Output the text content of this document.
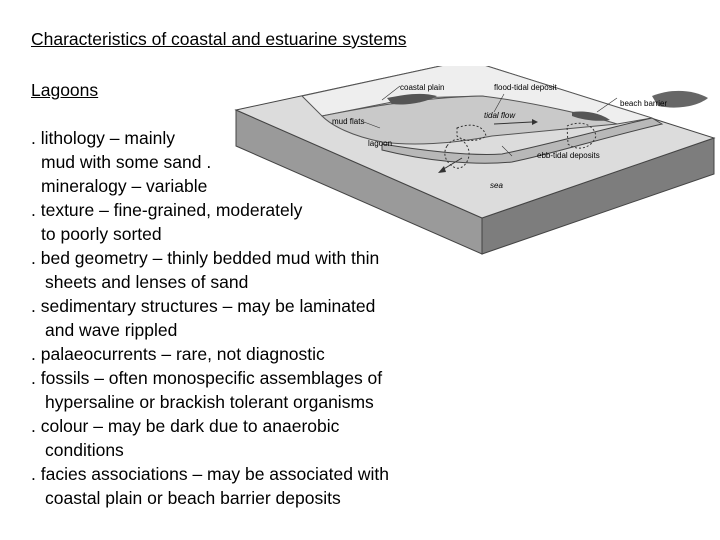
Characteristics of coastal and estuarine systems
Lagoons
. lithology – mainly
mud with some sand .
mineralogy – variable
. texture – fine-grained, moderately
to poorly sorted
. bed geometry – thinly bedded mud with thin
sheets and lenses of sand
. sedimentary structures – may be laminated
and wave rippled
. palaeocurrents – rare, not diagnostic
. fossils – often monospecific assemblages of
hypersaline or brackish tolerant organisms
. colour – may be dark due to anaerobic
conditions
. facies associations – may be associated with
coastal plain or beach barrier deposits
coastal plain	flood-tidal deposit
beach barrier
tidal flow
mud flats
lagoon
ebb-tidal deposits
sea
